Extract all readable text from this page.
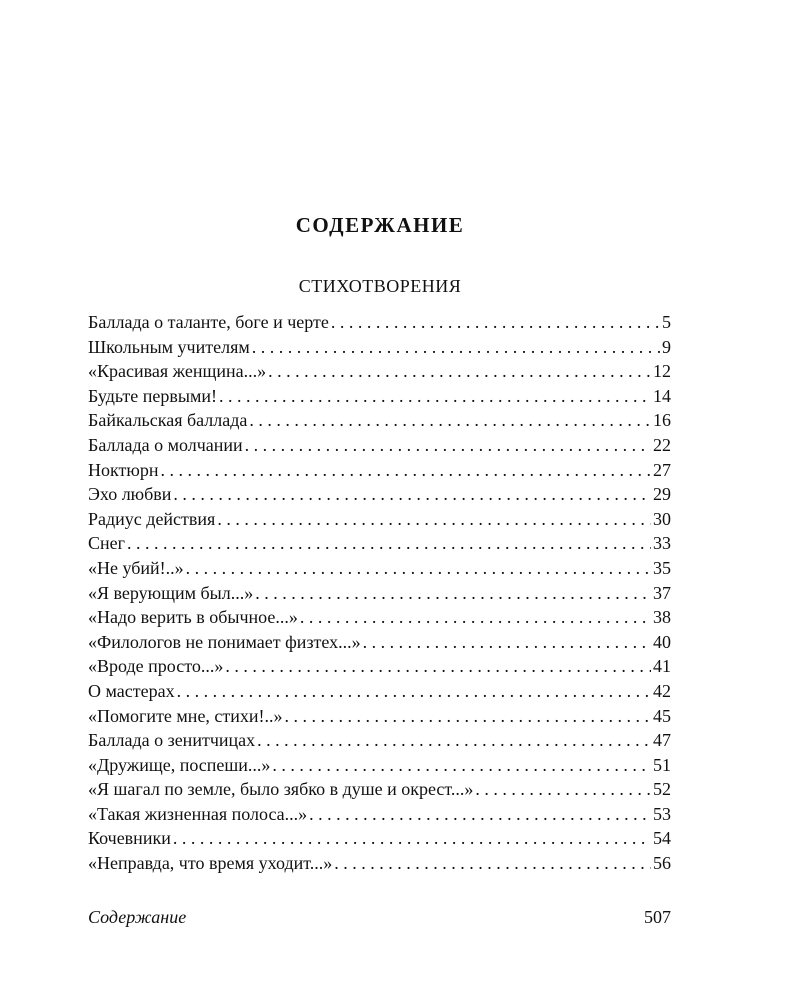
СОДЕРЖАНИЕ
СТИХОТВОРЕНИЯ
Баллада о таланте, боге и черте . . .	5
Школьным учителям . . .	9
«Красивая женщина...» . . .	12
Будьте первыми! . . .	14
Байкальская баллада . . .	16
Баллада о молчании . . .	22
Ноктюрн . . .	27
Эхо любви . . .	29
Радиус действия . . .	30
Снег . . .	33
«Не убий!..» . . .	35
«Я верующим был...» . . .	37
«Надо верить в обычное...» . . .	38
«Филологов не понимает физтех...» . . .	40
«Вроде просто...» . . .	41
О мастерах . . .	42
«Помогите мне, стихи!..» . . .	45
Баллада о зенитчицах . . .	47
«Дружище, поспеши...» . . .	51
«Я шагал по земле, было зябко в душе и окрест...» . . .	52
«Такая жизненная полоса...» . . .	53
Кочевники . . .	54
«Неправда, что время уходит...» . . .	56
Содержание	507
